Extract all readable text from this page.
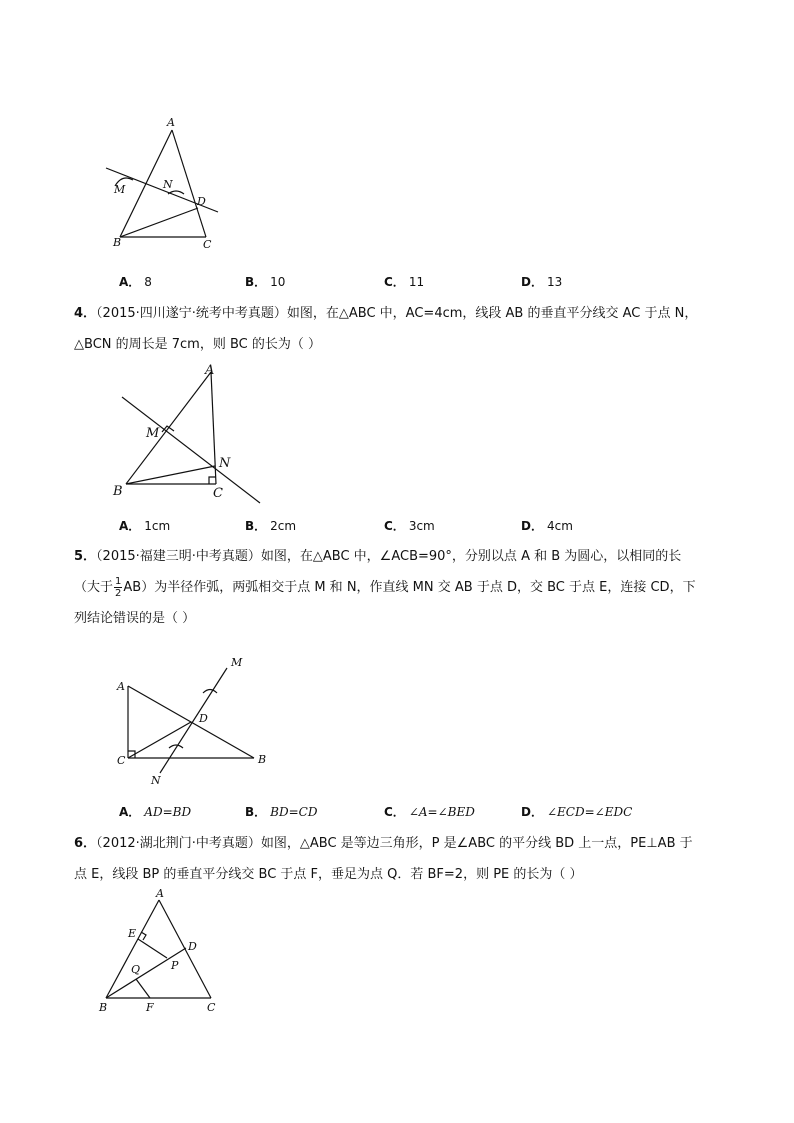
A
M	N
D
B	C
A． 8	B． 10	C． 11	D． 13
4．（2015·四川遂宁·统考中考真题）如图，在△ABC 中，AC=4cm，线段 AB 的垂直平分线交 AC 于点 N，
△BCN 的周长是 7cm，则 BC 的长为（ ）
A
M
N
B	C
A． 1cm	B． 2cm	C． 3cm	D． 4cm
5．（2015·福建三明·中考真题）如图，在△ABC 中，∠ACB=90°，分别以点 A 和 B 为圆心，以相同的长
（大于 $\frac{1}{2} AB$）为半径作弧，两弧相交于点 M 和 N，作直线 MN 交 AB 于点 D，交 BC 于点 E，连接 CD，下
列结论错误的是（ ）
M
A
D
C	B
N
A． AD=BD	B． BD=CD	C． ∠A=∠BED	D． ∠ECD=∠EDC
6．（2012·湖北荆门·中考真题）如图，△ABC 是等边三角形，P 是∠ABC 的平分线 BD 上一点，PE⊥AB 于
点 E，线段 BP 的垂直平分线交 BC 于点 F，垂足为点 Q．若 BF=2，则 PE 的长为（ ）
A
E
D
Q	P
B	F	C
